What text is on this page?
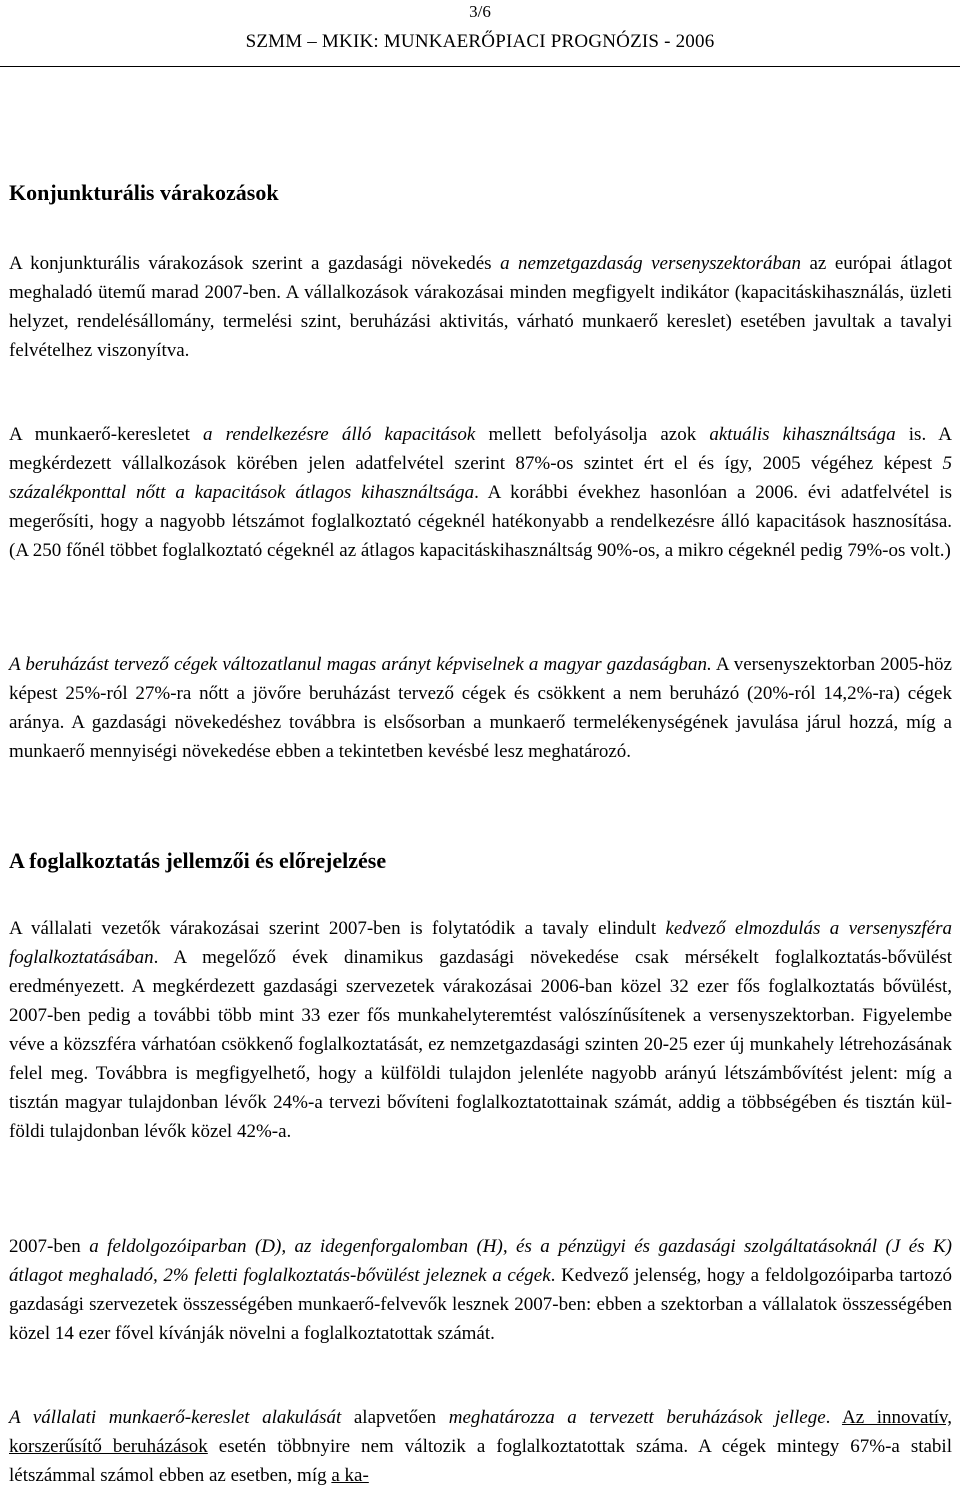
3/6
SZMM – MKIK: MUNKAERŐPIACI PROGNÓZIS - 2006
Konjunkturális várakozások

A konjunkturális várakozások szerint a gazdasági növekedés a nemzetgazdaság versenyszektorában az európai átlagot meghaladó ütemű marad 2007-ben. A vállalkozások várakozásai minden megfigyelt indikátor (kapacitáskihasználás, üzleti helyzet, rendelésállomány, termelési szint, beruházási aktivitás, várható munkaerő kereslet) esetében javultak a tavalyi felvételhez viszonyítva.

A munkaerő-keresletet a rendelkezésre álló kapacitások mellett befolyásolja azok aktuális kihasználtsága is. A megkérdezett vállalkozások körében jelen adatfelvétel szerint 87%-os szintet ért el és így, 2005 végéhez képest 5 százalékponttal nőtt a kapacitások átlagos kihasználtsága. A korábbi évekhez hasonlóan a 2006. évi adatfelvétel is megerősíti, hogy a nagyobb létszámot foglalkoztató cégeknél hatékonyabb a rendelkezésre álló kapacitások hasznosítása. (A 250 főnél többet foglalkoztató cégeknél az átlagos kapacitáskihasználtság 90%-os, a mikro cégeknél pedig 79%-os volt.)

A beruházást tervező cégek változatlanul magas arányt képviselnek a magyar gazdaságban. A versenyszektorban 2005-höz képest 25%-ról 27%-ra nőtt a jövőre beruházást tervező cégek és csökkent a nem beruházó (20%-ról 14,2%-ra) cégek aránya. A gazdasági növekedéshez továbbra is elsősorban a munkaerő termelékenységének javulása járul hozzá, míg a munkaerő mennyiségi növekedése ebben a tekintetben kevésbé lesz meghatározó.

A foglalkoztatás jellemzői és előrejelzése

A vállalati vezetők várakozásai szerint 2007-ben is folytatódik a tavaly elindult kedvező elmozdulás a versenyszféra foglalkoztatásában. A megelőző évek dinamikus gazdasági növekedése csak mérsékelt foglalkoztatás-bővülést eredményezett. A megkérdezett gazdasági szervezetek várakozásai 2006-ban közel 32 ezer fős foglalkoztatás bővülést, 2007-ben pedig a további több mint 33 ezer fős munkahelyteremtést valószínűsítenek a versenyszektorban. Figyelembe véve a közszféra várhatóan csökkenő foglalkoztatását, ez nemzetgazdasági szinten 20-25 ezer új munkahely létrehozásának felel meg. Továbbra is megfigyelhető, hogy a külföldi tulajdon jelenléte nagyobb arányú létszámbővítést jelent: míg a tisztán magyar tulajdonban lévők 24%-a tervezi bővíteni foglalkoztatottainak számát, addig a többségében és tisztán külföldi tulajdonban lévők közel 42%-a.

2007-ben a feldolgozóiparban (D), az idegenforgalomban (H), és a pénzügyi és gazdasági szolgáltatásoknál (J és K) átlagot meghaladó, 2% feletti foglalkoztatás-bővülést jeleznek a cégek. Kedvező jelenség, hogy a feldolgozóiparba tartozó gazdasági szervezetek összességében munkaerő-felvevők lesznek 2007-ben: ebben a szektorban a vállalatok összességében közel 14 ezer fővel kívánják növelni a foglalkoztatottak számát.

A vállalati munkaerő-kereslet alakulását alapvetően meghatározza a tervezett beruházások jellege. Az innovatív, korszerűsítő beruházások esetén többnyire nem változik a foglalkoztatottak száma. A cégek mintegy 67%-a stabil létszámmal számol ebben az esetben, míg a ka-
